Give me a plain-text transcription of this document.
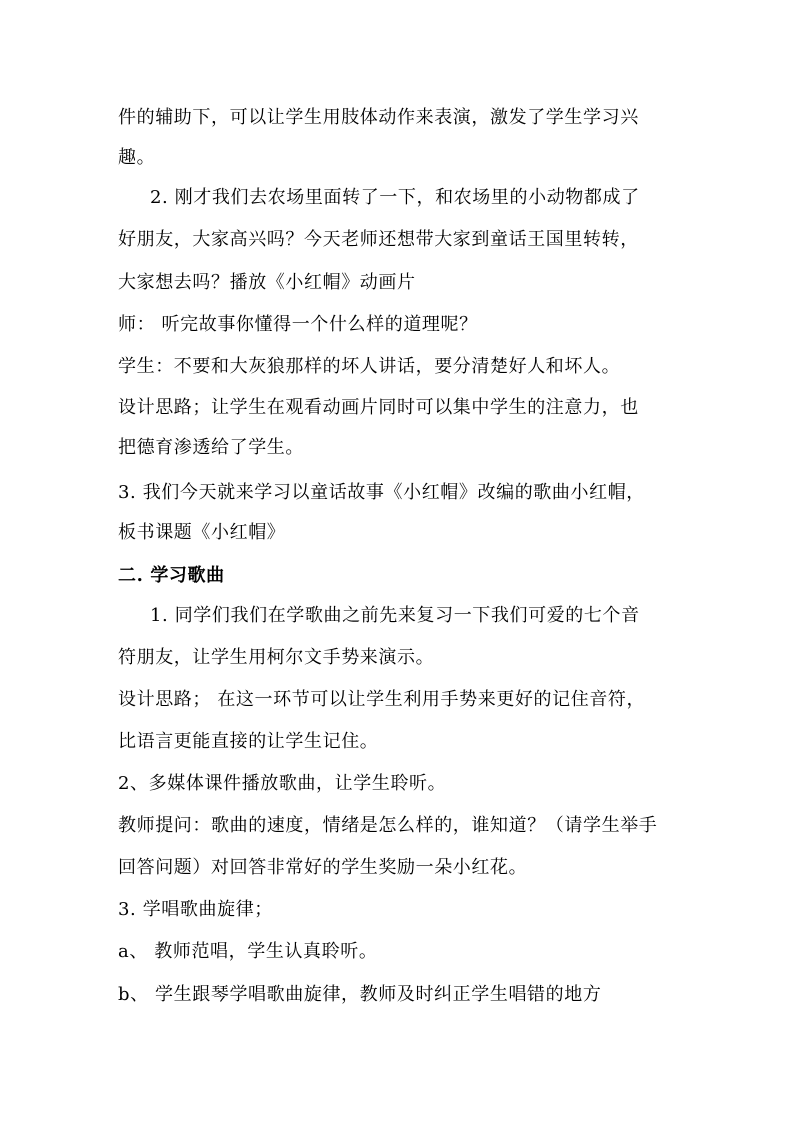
件的辅助下，可以让学生用肢体动作来表演，激发了学生学习兴
趣。
2. 刚才我们去农场里面转了一下，和农场里的小动物都成了
好朋友，大家高兴吗？今天老师还想带大家到童话王国里转转，
大家想去吗？播放《小红帽》动画片
师： 听完故事你懂得一个什么样的道理呢？
学生：不要和大灰狼那样的坏人讲话，要分清楚好人和坏人。
设计思路；让学生在观看动画片同时可以集中学生的注意力，也
把德育渗透给了学生。
3. 我们今天就来学习以童话故事《小红帽》改编的歌曲小红帽，
板书课题《小红帽》
二. 学习歌曲
1. 同学们我们在学歌曲之前先来复习一下我们可爱的七个音
符朋友，让学生用柯尔文手势来演示。
设计思路； 在这一环节可以让学生利用手势来更好的记住音符，
比语言更能直接的让学生记住。
2、多媒体课件播放歌曲，让学生聆听。
教师提问：歌曲的速度，情绪是怎么样的，谁知道？（请学生举手
回答问题）对回答非常好的学生奖励一朵小红花。
3. 学唱歌曲旋律；
a、 教师范唱，学生认真聆听。
b、 学生跟琴学唱歌曲旋律，教师及时纠正学生唱错的地方
